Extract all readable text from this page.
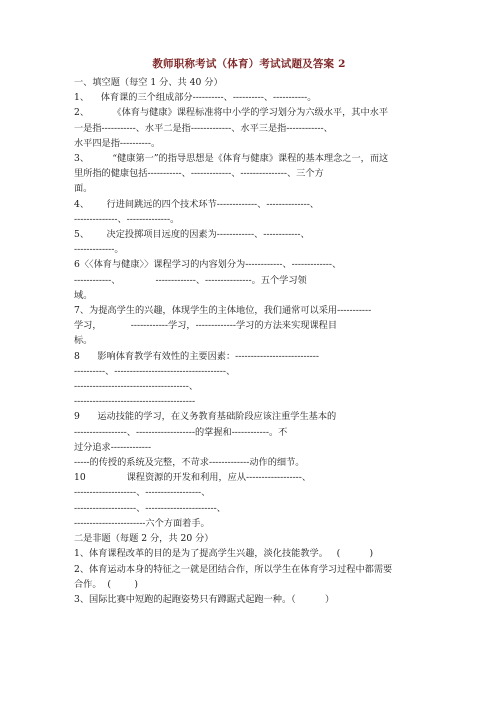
教师职称考试（体育）考试试题及答案 2

一、填空题（每空 1 分、共 40 分）

1、    体育课的三个组成部分----------、----------、-----------。

2、        《体育与健康》课程标准将中小学的学习划分为六级水平，其中水平

一是指-----------、水平二是指-------------、水平三是指------------、

水平四是指----------。

3、        “健康第一”的指导思想是《体育与健康》课程的基本理念之一，而这

里所指的健康包括-----------、-------------、---------------、三个方

面。

4、      行进间跳远的四个技术环节-------------、--------------、

--------------、--------------。

5、      决定投掷项目远度的因素为------------、------------、

-------------。

6〈〈体育与健康〉〉课程学习的内容划分为------------、-------------、

------------、            -------------、---------------。五个学习领

域。

7、为提高学生的兴趣，体现学生的主体地位，我们通常可以采用-----------

学习，          ------------学习，-------------学习的方法来实现课程目

标。

8      影响体育教学有效性的主要因素：---------------------------

----------、------------------------------------、

-------------------------------------、

---------------------------------------

9      运动技能的学习，在义务教育基础阶段应该注重学生基本的

-----------------、-------------------的掌握和------------。不

过分追求-------------

-----的传授的系统及完整，不苛求-------------动作的细节。

10              课程资源的开发和利用，应从------------------、

--------------------、------------------、

--------------------、-----------------------、

-----------------------六个方面着手。

二是非题（每题 2 分，共 20 分）

1、体育课程改革的目的是为了提高学生兴趣，淡化技能教学。   (          )

2、体育运动本身的特征之一就是团结合作，所以学生在体育学习过程中都需要

合作。  (        )

3、国际比赛中短跑的起跑姿势只有蹲踞式起跑一种。（          ）
